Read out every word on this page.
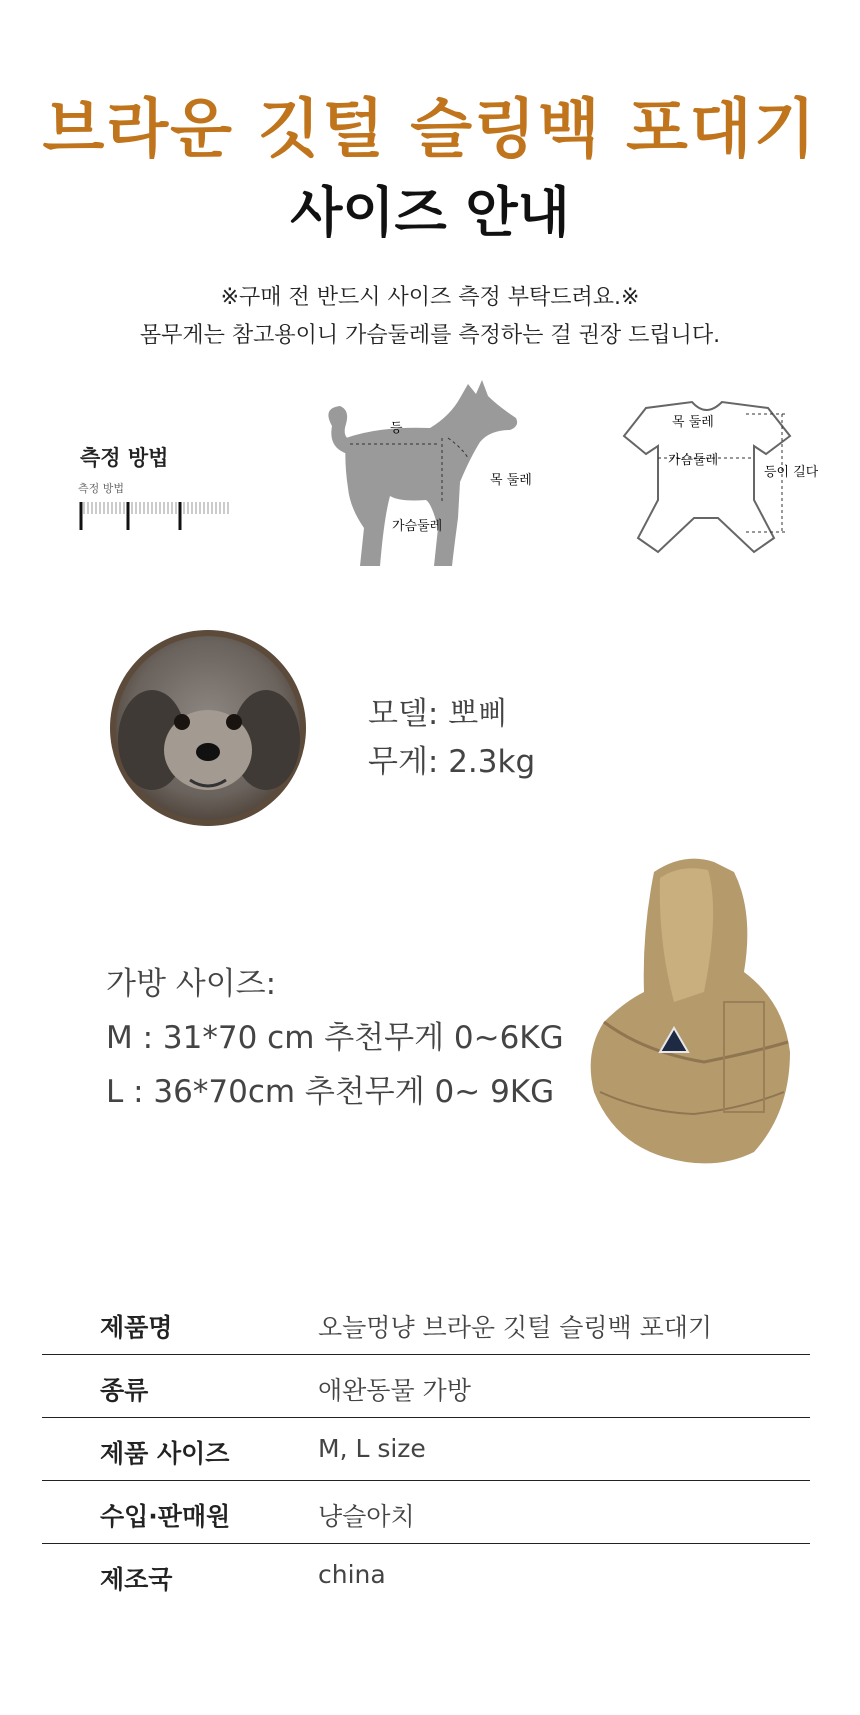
브라운 깃털 슬링백 포대기
사이즈 안내
※구매 전 반드시 사이즈 측정 부탁드려요.※
몸무게는 참고용이니 가슴둘레를 측정하는 걸 권장 드립니다.
측정 방법
측정 방법
등
목 둘레
가슴둘레
목 둘레
가슴둘레
등이 길다
모델: 뽀삐
무게: 2.3kg
가방 사이즈:
M : 31*70 cm 추천무게 0~6KG
L : 36*70cm 추천무게 0~ 9KG
제품명	오늘멍냥 브라운 깃털 슬링백 포대기
종류	애완동물 가방
제품 사이즈	M, L size
수입·판매원	냥슬아치
제조국	china
